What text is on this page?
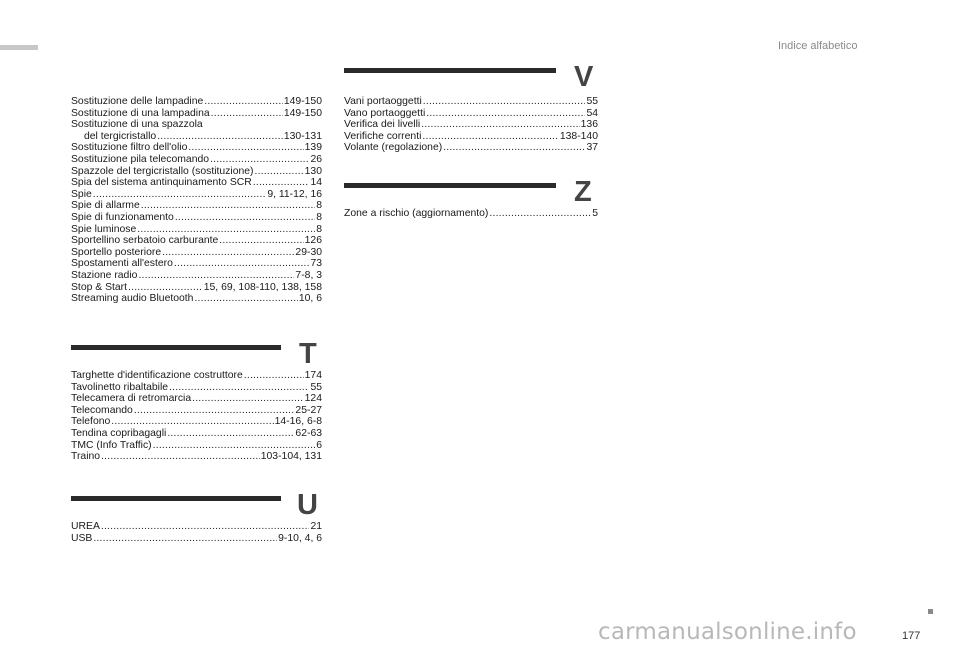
Indice alfabetico
Sostituzione delle lampadine .....	149-150
Sostituzione di una lampadina .....	149-150
Sostituzione di una spazzola
del tergicristallo .....	130-131
Sostituzione filtro dell'olio .....	139
Sostituzione pila telecomando .....	26
Spazzole del tergicristallo (sostituzione) .....	130
Spia del sistema antinquinamento SCR .....	14
Spie .....	9, 11-12, 16
Spie di allarme .....	8
Spie di funzionamento .....	8
Spie luminose .....	8
Sportellino serbatoio carburante .....	126
Sportello posteriore .....	29-30
Spostamenti all'estero .....	73
Stazione radio .....	7-8, 3
Stop & Start .....	15, 69, 108-110, 138, 158
Streaming audio Bluetooth .....	10, 6
T
Targhette d'identificazione costruttore .....	174
Tavolinetto ribaltabile .....	55
Telecamera di retromarcia .....	124
Telecomando .....	25-27
Telefono .....	14-16, 6-8
Tendina copribagagli .....	62-63
TMC (Info Traffic) .....	6
Traino .....	103-104, 131
U
UREA .....	21
USB .....	9-10, 4, 6
V
Vani portaoggetti .....	55
Vano portaoggetti .....	54
Verifica dei livelli .....	136
Verifiche correnti .....	138-140
Volante (regolazione) .....	37
Z
Zone a rischio (aggiornamento) .....	5
177
carmanualsonline.info
